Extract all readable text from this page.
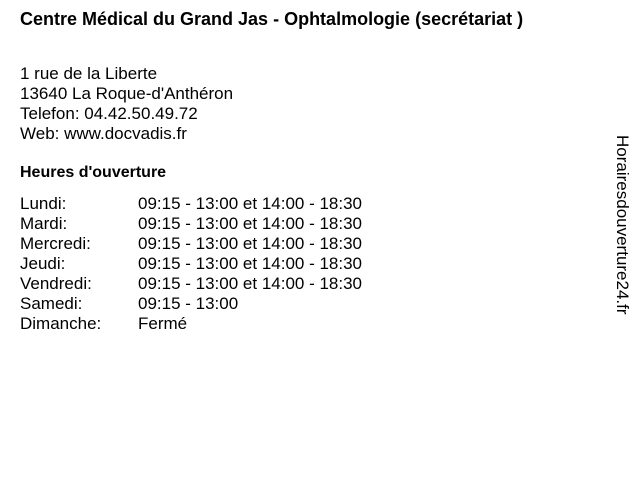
Centre Médical du Grand Jas - Ophtalmologie (secrétariat )
1 rue de la Liberte
13640 La Roque-d'Anthéron
Telefon: 04.42.50.49.72
Web: www.docvadis.fr
Heures d'ouverture
Lundi:	09:15 - 13:00 et 14:00 - 18:30
Mardi:	09:15 - 13:00 et 14:00 - 18:30
Mercredi:	09:15 - 13:00 et 14:00 - 18:30
Jeudi:	09:15 - 13:00 et 14:00 - 18:30
Vendredi:	09:15 - 13:00 et 14:00 - 18:30
Samedi:	09:15 - 13:00
Dimanche: Fermé
Horairesdouverture24.fr
